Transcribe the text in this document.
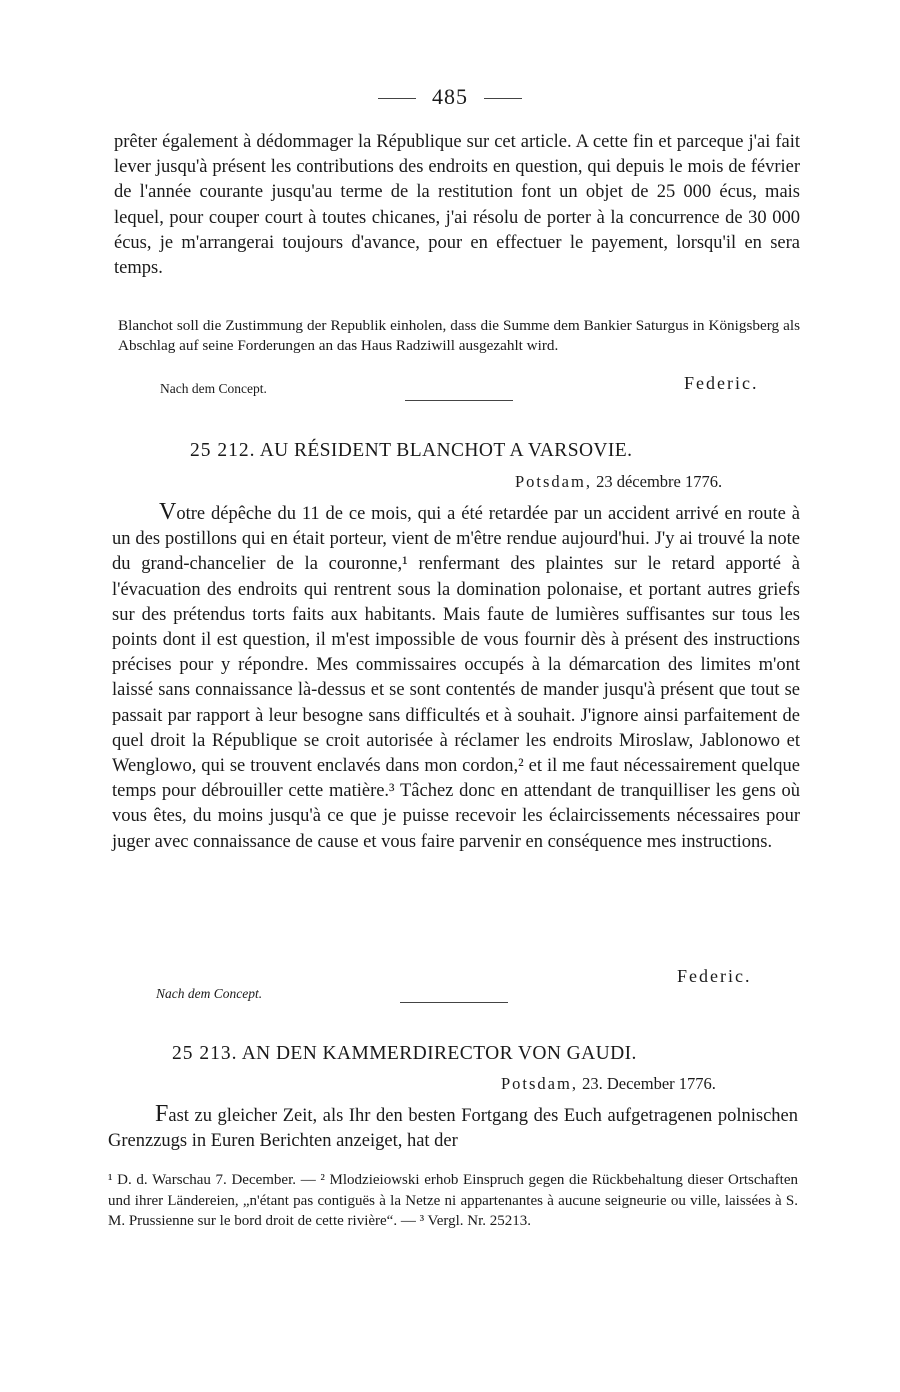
485

prêter également à dédommager la République sur cet article. A cette fin et parceque j'ai fait lever jusqu'à présent les contributions des endroits en question, qui depuis le mois de février de l'année courante jusqu'au terme de la restitution font un objet de 25 000 écus, mais lequel, pour couper court à toutes chicanes, j'ai résolu de porter à la concurrence de 30 000 écus, je m'arrangerai toujours d'avance, pour en effectuer le payement, lorsqu'il en sera temps.

Blanchot soll die Zustimmung der Republik einholen, dass die Summe dem Bankier Saturgus in Königsberg als Abschlag auf seine Forderungen an das Haus Radziwill ausgezahlt wird.

Nach dem Concept.	Federic.
25 212. AU RÉSIDENT BLANCHOT A VARSOVIE.
Potsdam, 23 décembre 1776.

Votre dépêche du 11 de ce mois, qui a été retardée par un accident arrivé en route à un des postillons qui en était porteur, vient de m'être rendue aujourd'hui. J'y ai trouvé la note du grand-chancelier de la couronne,¹ renfermant des plaintes sur le retard apporté à l'évacuation des endroits qui rentrent sous la domination polonaise, et portant autres griefs sur des prétendus torts faits aux habitants. Mais faute de lumières suffisantes sur tous les points dont il est question, il m'est impossible de vous fournir dès à présent des instructions précises pour y répondre. Mes commissaires occupés à la démarcation des limites m'ont laissé sans connaissance là-dessus et se sont contentés de mander jusqu'à présent que tout se passait par rapport à leur besogne sans difficultés et à souhait. J'ignore ainsi parfaitement de quel droit la République se croit autorisée à réclamer les endroits Miroslaw, Jablonowo et Wenglowo, qui se trouvent enclavés dans mon cordon,² et il me faut nécessairement quelque temps pour débrouiller cette matière.³ Tâchez donc en attendant de tranquilliser les gens où vous êtes, du moins jusqu'à ce que je puisse recevoir les éclaircissements nécessaires pour juger avec connaissance de cause et vous faire parvenir en conséquence mes instructions.

Federic.
Nach dem Concept.
25 213. AN DEN KAMMERDIRECTOR VON GAUDI.
Potsdam, 23. December 1776.

Fast zu gleicher Zeit, als Ihr den besten Fortgang des Euch aufgetragenen polnischen Grenzzugs in Euren Berichten anzeiget, hat der

¹ D. d. Warschau 7. December. — ² Mlodzieiowski erhob Einspruch gegen die Rückbehaltung dieser Ortschaften und ihrer Ländereien, „n'étant pas contiguës à la Netze ni appartenantes à aucune seigneurie ou ville, laissées à S. M. Prussienne sur le bord droit de cette rivière“. — ³ Vergl. Nr. 25213.
